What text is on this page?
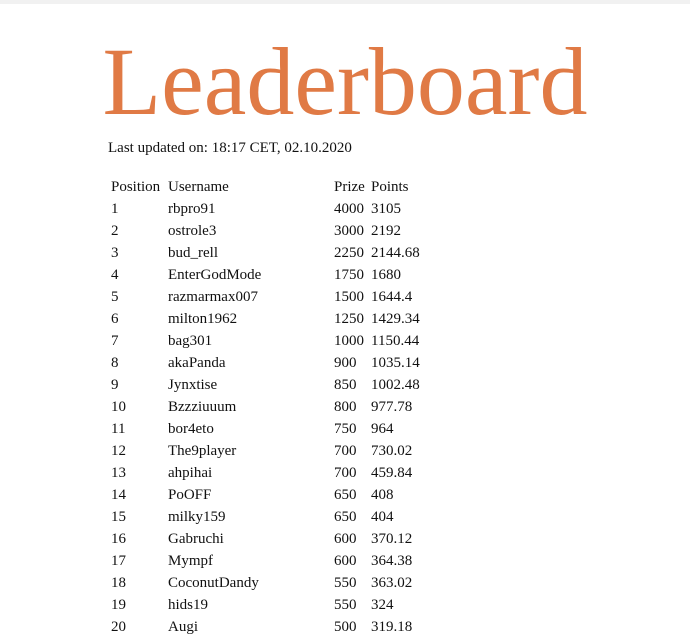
Leaderboard
Last updated on: 18:17 CET, 02.10.2020
Position	Username	Prize	Points
1	rbpro91	4000	3105
2	ostrole3	3000	2192
3	bud_rell	2250	2144.68
4	EnterGodMode	1750	1680
5	razmarmax007	1500	1644.4
6	milton1962	1250	1429.34
7	bag301	1000	1150.44
8	akaPanda	900	1035.14
9	Jynxtise	850	1002.48
10	Bzzziuuum	800	977.78
11	bor4eto	750	964
12	The9player	700	730.02
13	ahpihai	700	459.84
14	PoOFF	650	408
15	milky159	650	404
16	Gabruchi	600	370.12
17	Mympf	600	364.38
18	CoconutDandy	550	363.02
19	hids19	550	324
20	Augi	500	319.18
